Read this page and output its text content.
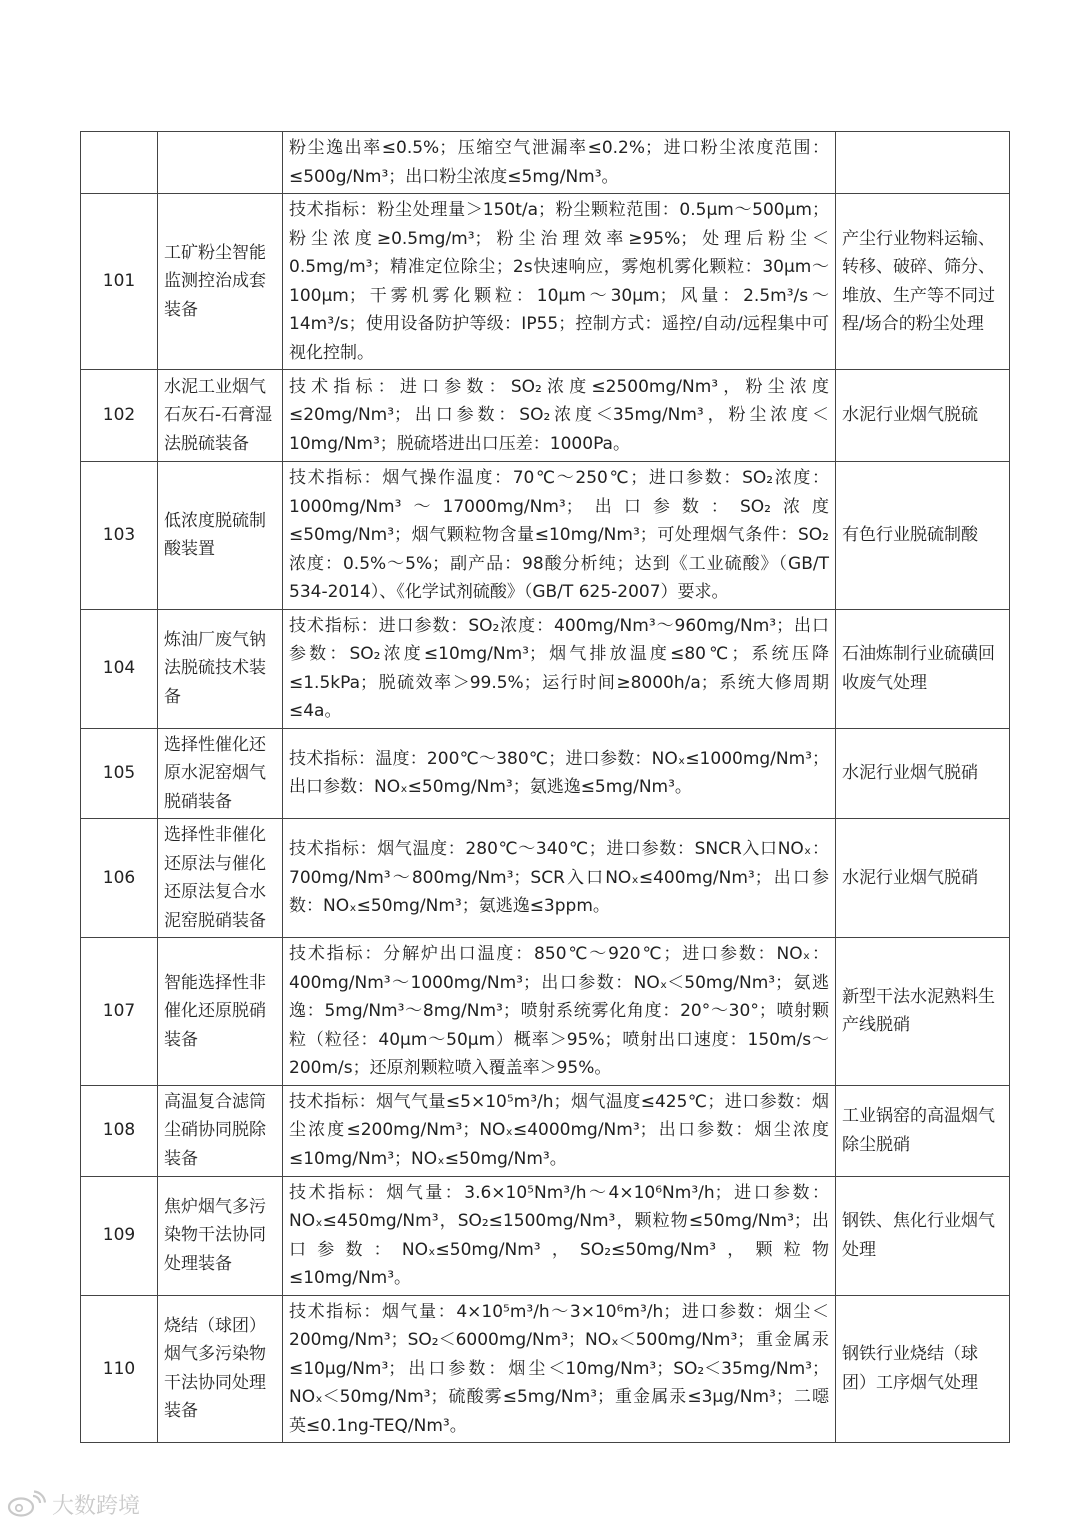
		粉尘逸出率≤0.5%；压缩空气泄漏率≤0.2%；进口粉尘浓度范围：≤500g/Nm³；出口粉尘浓度≤5mg/Nm³。	
101	工矿粉尘智能监测控治成套装备	技术指标：粉尘处理量＞150t/a；粉尘颗粒范围：0.5μm～500μm；粉尘浓度≥0.5mg/m³；粉尘治理效率≥95%；处理后粉尘＜0.5mg/m³；精准定位除尘；2s快速响应，雾炮机雾化颗粒：30μm～100μm；干雾机雾化颗粒：10μm～30μm；风量：2.5m³/s～14m³/s；使用设备防护等级：IP55；控制方式：遥控/自动/远程集中可视化控制。	产尘行业物料运输、转移、破碎、筛分、堆放、生产等不同过程/场合的粉尘处理
102	水泥工业烟气石灰石-石膏湿法脱硫装备	技术指标：进口参数：SO₂浓度≤2500mg/Nm³，粉尘浓度≤20mg/Nm³；出口参数：SO₂浓度＜35mg/Nm³，粉尘浓度＜10mg/Nm³；脱硫塔进出口压差：1000Pa。	水泥行业烟气脱硫
103	低浓度脱硫制酸装置	技术指标：烟气操作温度：70℃～250℃；进口参数：SO₂浓度：1000mg/Nm³～17000mg/Nm³；出口参数：SO₂浓度≤50mg/Nm³；烟气颗粒物含量≤10mg/Nm³；可处理烟气条件：SO₂浓度：0.5%～5%；副产品：98酸分析纯；达到《工业硫酸》（GB/T 534-2014）、《化学试剂硫酸》（GB/T 625-2007）要求。	有色行业脱硫制酸
104	炼油厂废气钠法脱硫技术装备	技术指标：进口参数：SO₂浓度：400mg/Nm³～960mg/Nm³；出口参数：SO₂浓度≤10mg/Nm³；烟气排放温度≤80℃；系统压降≤1.5kPa；脱硫效率＞99.5%；运行时间≥8000h/a；系统大修周期≤4a。	石油炼制行业硫磺回收废气处理
105	选择性催化还原水泥窑烟气脱硝装备	技术指标：温度：200℃～380℃；进口参数：NOₓ≤1000mg/Nm³；出口参数：NOₓ≤50mg/Nm³；氨逃逸≤5mg/Nm³。	水泥行业烟气脱硝
106	选择性非催化还原法与催化还原法复合水泥窑脱硝装备	技术指标：烟气温度：280℃～340℃；进口参数：SNCR入口NOₓ：700mg/Nm³～800mg/Nm³；SCR入口NOₓ≤400mg/Nm³；出口参数：NOₓ≤50mg/Nm³；氨逃逸≤3ppm。	水泥行业烟气脱硝
107	智能选择性非催化还原脱硝装备	技术指标：分解炉出口温度：850℃～920℃；进口参数：NOₓ：400mg/Nm³～1000mg/Nm³；出口参数：NOₓ＜50mg/Nm³；氨逃逸：5mg/Nm³～8mg/Nm³；喷射系统雾化角度：20°～30°；喷射颗粒（粒径：40μm～50μm）概率＞95%；喷射出口速度：150m/s～200m/s；还原剂颗粒喷入覆盖率＞95%。	新型干法水泥熟料生产线脱硝
108	高温复合滤筒尘硝协同脱除装备	技术指标：烟气气量≤5×10⁵m³/h；烟气温度≤425℃；进口参数：烟尘浓度≤200mg/Nm³；NOₓ≤4000mg/Nm³；出口参数：烟尘浓度≤10mg/Nm³；NOₓ≤50mg/Nm³。	工业锅窑的高温烟气除尘脱硝
109	焦炉烟气多污染物干法协同处理装备	技术指标：烟气量：3.6×10⁵Nm³/h～4×10⁶Nm³/h；进口参数：NOₓ≤450mg/Nm³，SO₂≤1500mg/Nm³，颗粒物≤50mg/Nm³；出口参数：NOₓ≤50mg/Nm³，SO₂≤50mg/Nm³，颗粒物≤10mg/Nm³。	钢铁、焦化行业烟气处理
110	烧结（球团）烟气多污染物干法协同处理装备	技术指标：烟气量：4×10⁵m³/h～3×10⁶m³/h；进口参数：烟尘＜200mg/Nm³；SO₂＜6000mg/Nm³；NOₓ＜500mg/Nm³；重金属汞≤10μg/Nm³；出口参数：烟尘＜10mg/Nm³；SO₂＜35mg/Nm³；NOₓ＜50mg/Nm³；硫酸雾≤5mg/Nm³；重金属汞≤3μg/Nm³；二噁英≤0.1ng-TEQ/Nm³。	钢铁行业烧结（球团）工序烟气处理
大数跨境
